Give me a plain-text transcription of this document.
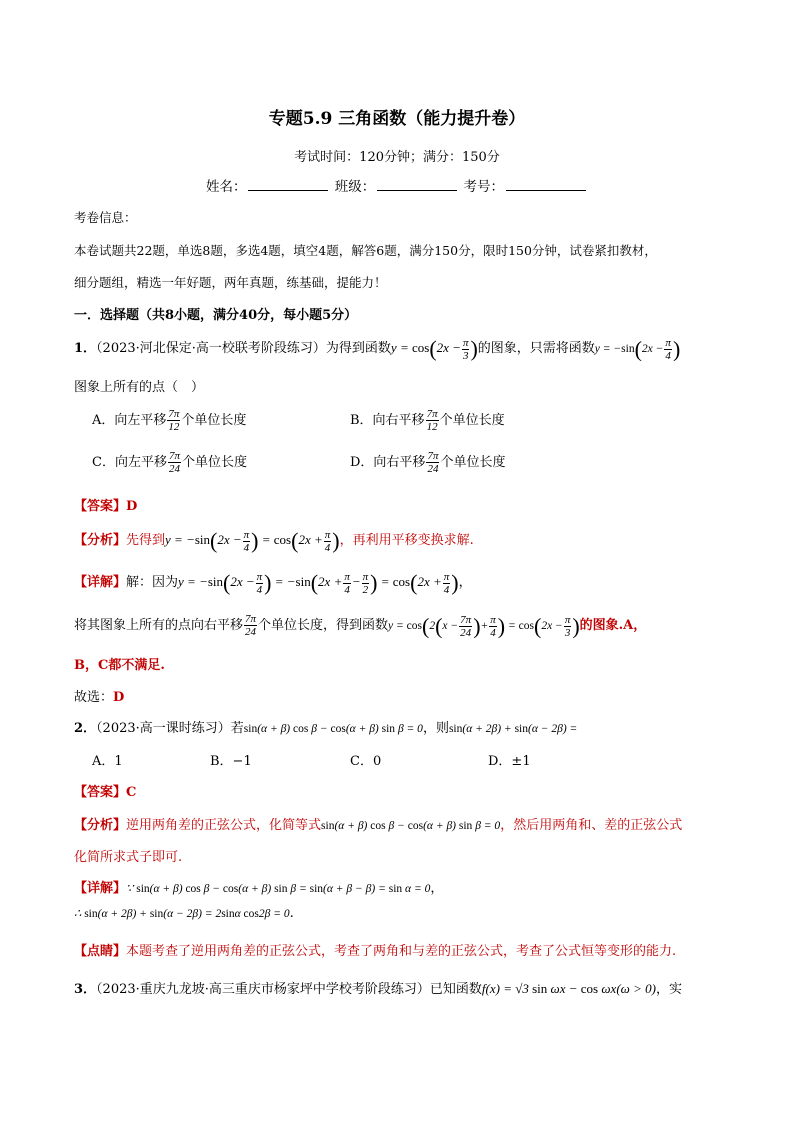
专题5.9 三角函数（能力提升卷）
考试时间：120分钟；满分：150分
姓名：	班级：	考号：
考卷信息：
本卷试题共22题，单选8题，多选4题，填空4题，解答6题，满分150分，限时150分钟，试卷紧扣教材，
细分题组，精选一年好题，两年真题，练基础，提能力！
一．选择题（共8小题，满分40分，每小题5分）
1．（2023·河北保定·高一校联考阶段练习）为得到函数$y = \cos(2x - \frac{\pi}{3}$ )的图象，只需将函数$y = -\sin(2x - \frac{\pi}{4}$ )
图象上所有的点（　）
A．向左平移 $\frac{7\pi}{12}$ 个单位长度	B．向右平移 $\frac{7\pi}{12}$ 个单位长度
C．向左平移 $\frac{7\pi}{24}$ 个单位长度	D．向右平移 $\frac{7\pi}{24}$ 个单位长度
【答案】D
【分析】先得到$y = -\sin(2x - \frac{\pi}{4}$ ) = $\cos(2x + \frac{\pi}{4}$ )，再利用平移变换求解.
【详解】解：因为$y = -\sin(2x - \frac{\pi}{4}$ ) = $-\sin(2x + \frac{\pi}{4} - \frac{\pi}{2}$ ) = $\cos(2x + \frac{\pi}{4}$ )，
将其图象上所有的点向右平移 $\frac{7\pi}{24}$ 个单位长度，得到函数$y = \cos(2(x - \frac{7\pi}{24}$ )+ $\frac{\pi}{4}$ ) = $\cos(2x - \frac{\pi}{3}$ )的图象.A，
B，C都不满足.
故选：D
2．（2023·高一课时练习）若sin(α + β) cos β − cos(α + β) sin β = 0，则sin(α + 2β) + sin(α − 2β) =
A．1	B．−1	C．0	D．±1
【答案】C
【分析】逆用两角差的正弦公式，化简等式sin(α + β) cos β − cos(α + β) sin β = 0，然后用两角和、差的正弦公式
化简所求式子即可.
【详解】∵ sin(α + β) cos β − cos(α + β) sin β = sin(α + β − β) = sin α = 0，
∴ sin(α + 2β) + sin(α − 2β) = 2sinα cos2β = 0.
【点睛】本题考查了逆用两角差的正弦公式，考查了两角和与差的正弦公式，考查了公式恒等变形的能力.
3．（2023·重庆九龙坡·高三重庆市杨家坪中学校考阶段练习）已知函数f(x) = √3 sin ωx − cos ωx(ω > 0)，实
